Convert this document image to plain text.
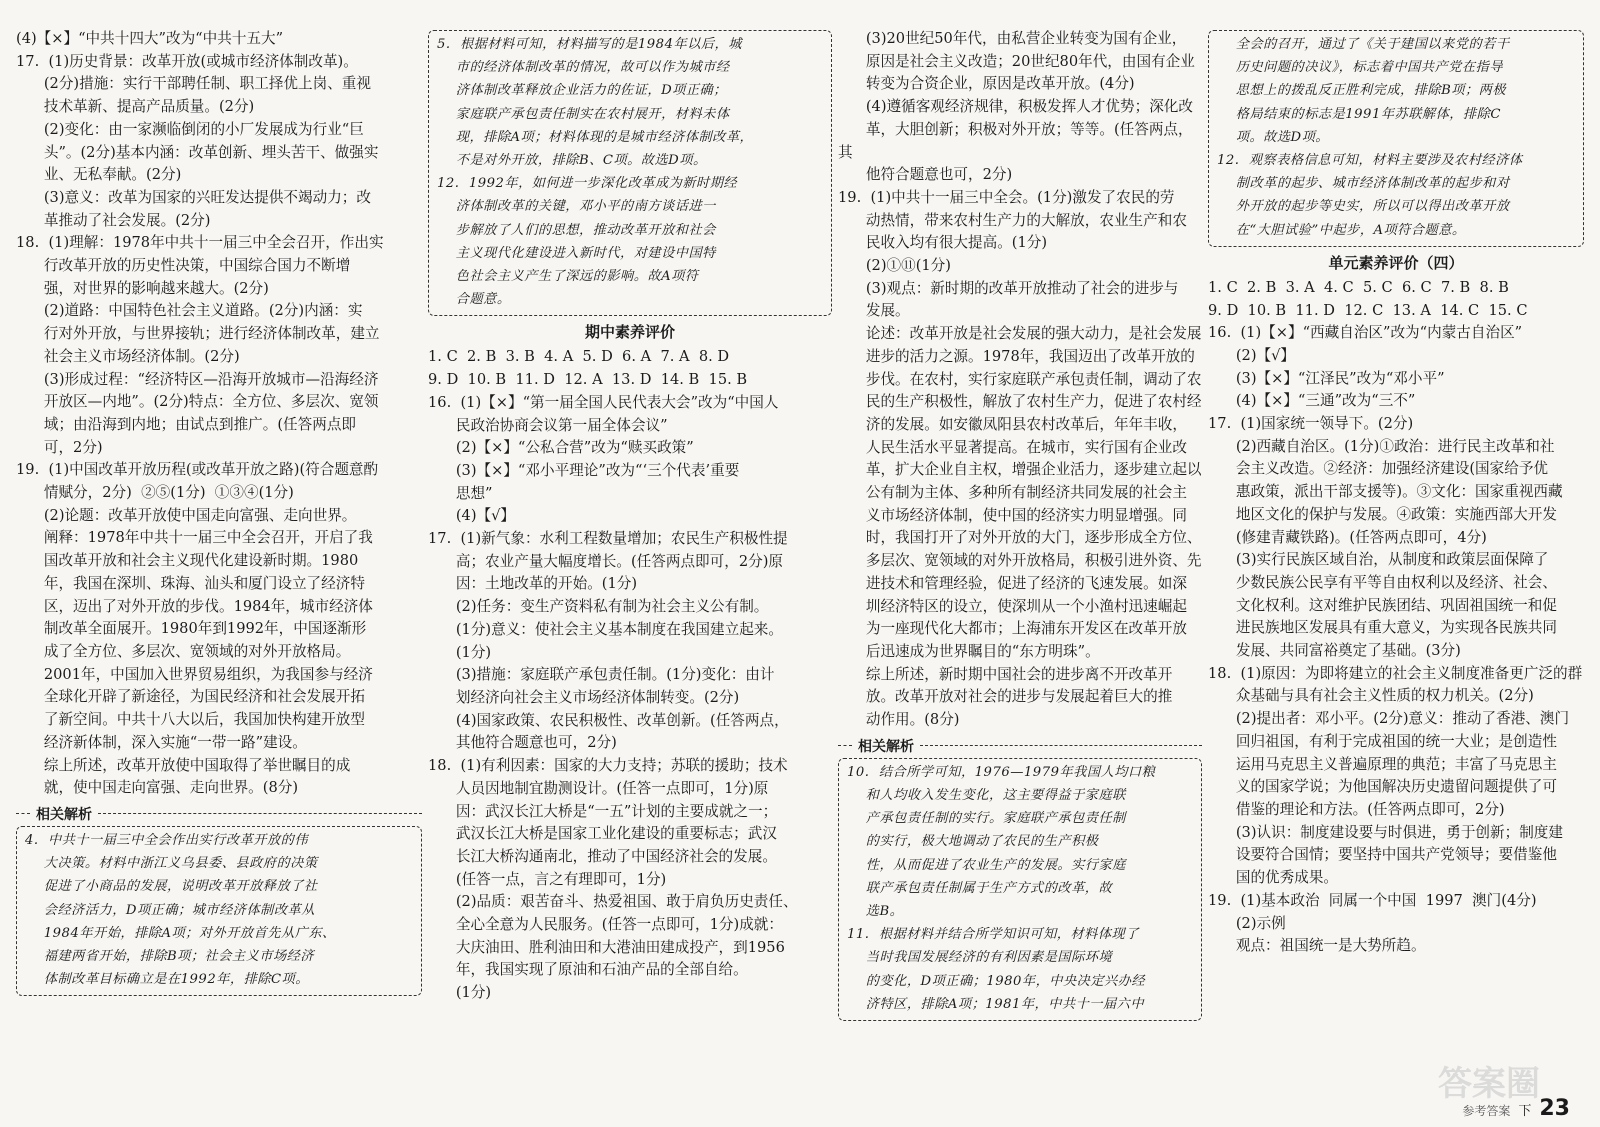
(4)【×】“中共十四大”改为“中共十五大”

17.  (1)历史背景：改革开放(或城市经济体制改革)。

(2分)措施：实行干部聘任制、职工择优上岗、重视

技术革新、提高产品质量。(2分)

(2)变化：由一家濒临倒闭的小厂发展成为行业“巨

头”。(2分)基本内涵：改革创新、埋头苦干、做强实

业、无私奉献。(2分)

(3)意义：改革为国家的兴旺发达提供不竭动力；改

革推动了社会发展。(2分)

18.  (1)理解：1978年中共十一届三中全会召开，作出实

行改革开放的历史性决策，中国综合国力不断增

强，对世界的影响越来越大。(2分)

(2)道路：中国特色社会主义道路。(2分)内涵：实

行对外开放，与世界接轨；进行经济体制改革，建立

社会主义市场经济体制。(2分)

(3)形成过程：“经济特区—沿海开放城市—沿海经济

开放区—内地”。(2分)特点：全方位、多层次、宽领

域；由沿海到内地；由试点到推广。(任答两点即

可，2分)

19.  (1)中国改革开放历程(或改革开放之路)(符合题意酌

情赋分，2分)  ②⑤(1分)  ①③④(1分)

(2)论题：改革开放使中国走向富强、走向世界。

阐释：1978年中共十一届三中全会召开，开启了我

国改革开放和社会主义现代化建设新时期。1980

年，我国在深圳、珠海、汕头和厦门设立了经济特

区，迈出了对外开放的步伐。1984年，城市经济体

制改革全面展开。1980年到1992年，中国逐渐形

成了全方位、多层次、宽领域的对外开放格局。

2001年，中国加入世界贸易组织，为我国参与经济

全球化开辟了新途径，为国民经济和社会发展开拓

了新空间。中共十八大以后，我国加快构建开放型

经济新体制，深入实施“一带一路”建设。

综上所述，改革开放使中国取得了举世瞩目的成

就，使中国走向富强、走向世界。(8分)

相关解析

4.  中共十一届三中全会作出实行改革开放的伟

大决策。材料中浙江义乌县委、县政府的决策

促进了小商品的发展，说明改革开放释放了社

会经济活力，D项正确；城市经济体制改革从

1984年开始，排除A项；对外开放首先从广东、

福建两省开始，排除B项；社会主义市场经济

体制改革目标确立是在1992年，排除C项。

5.  根据材料可知，材料描写的是1984年以后，城

市的经济体制改革的情况，故可以作为城市经

济体制改革释放企业活力的佐证，D项正确；

家庭联产承包责任制实在农村展开，材料未体

现，排除A项；材料体现的是城市经济体制改革，

不是对外开放，排除B、C项。故选D项。

12.  1992年，如何进一步深化改革成为新时期经

济体制改革的关键，邓小平的南方谈话进一

步解放了人们的思想，推动改革开放和社会

主义现代化建设进入新时代，对建设中国特

色社会主义产生了深远的影响。故A项符

合题意。

期中素养评价

1. C  2. B  3. B  4. A  5. D  6. A  7. A  8. D

9. D  10. B  11. D  12. A  13. D  14. B  15. B

16.  (1)【×】“第一届全国人民代表大会”改为“中国人

民政治协商会议第一届全体会议”

(2)【×】“公私合营”改为“赎买政策”

(3)【×】“邓小平理论”改为“‘三个代表’重要

思想”

(4)【√】

17.  (1)新气象：水利工程数量增加；农民生产积极性提

高；农业产量大幅度增长。(任答两点即可，2分)原

因：土地改革的开始。(1分)

(2)任务：变生产资料私有制为社会主义公有制。

(1分)意义：使社会主义基本制度在我国建立起来。

(1分)

(3)措施：家庭联产承包责任制。(1分)变化：由计

划经济向社会主义市场经济体制转变。(2分)

(4)国家政策、农民积极性、改革创新。(任答两点，

其他符合题意也可，2分)

18.  (1)有利因素：国家的大力支持；苏联的援助；技术

人员因地制宜勘测设计。(任答一点即可，1分)原

因：武汉长江大桥是“一五”计划的主要成就之一；

武汉长江大桥是国家工业化建设的重要标志；武汉

长江大桥沟通南北，推动了中国经济社会的发展。

(任答一点，言之有理即可，1分)

(2)品质：艰苦奋斗、热爱祖国、敢于肩负历史责任、

全心全意为人民服务。(任答一点即可，1分)成就：

大庆油田、胜利油田和大港油田建成投产，到1956

年，我国实现了原油和石油产品的全部自给。

(1分)

(3)20世纪50年代，由私营企业转变为国有企业，

原因是社会主义改造；20世纪80年代，由国有企业

转变为合资企业，原因是改革开放。(4分)

(4)遵循客观经济规律，积极发挥人才优势；深化改

革，大胆创新；积极对外开放；等等。(任答两点，其

他符合题意也可，2分)

19.  (1)中共十一届三中全会。(1分)激发了农民的劳

动热情，带来农村生产力的大解放，农业生产和农

民收入均有很大提高。(1分)

(2)①⑪(1分)

(3)观点：新时期的改革开放推动了社会的进步与

发展。

论述：改革开放是社会发展的强大动力，是社会发展

进步的活力之源。1978年，我国迈出了改革开放的

步伐。在农村，实行家庭联产承包责任制，调动了农

民的生产积极性，解放了农村生产力，促进了农村经

济的发展。如安徽凤阳县农村改革后，年年丰收，

人民生活水平显著提高。在城市，实行国有企业改

革，扩大企业自主权，增强企业活力，逐步建立起以

公有制为主体、多种所有制经济共同发展的社会主

义市场经济体制，使中国的经济实力明显增强。同

时，我国打开了对外开放的大门，逐步形成全方位、

多层次、宽领域的对外开放格局，积极引进外资、先

进技术和管理经验，促进了经济的飞速发展。如深

圳经济特区的设立，使深圳从一个小渔村迅速崛起

为一座现代化大都市；上海浦东开发区在改革开放

后迅速成为世界瞩目的“东方明珠”。

综上所述，新时期中国社会的进步离不开改革开

放。改革开放对社会的进步与发展起着巨大的推

动作用。(8分)

相关解析

10.  结合所学可知，1976—1979年我国人均口粮

和人均收入发生变化，这主要得益于家庭联

产承包责任制的实行。家庭联产承包责任制

的实行，极大地调动了农民的生产积极

性，从而促进了农业生产的发展。实行家庭

联产承包责任制属于生产方式的改革，故

选B。

11.  根据材料并结合所学知识可知，材料体现了

当时我国发展经济的有利因素是国际环境

的变化，D项正确；1980年，中央决定兴办经

济特区，排除A项；1981年，中共十一届六中

全会的召开，通过了《关于建国以来党的若干

历史问题的决议》，标志着中国共产党在指导

思想上的拨乱反正胜利完成，排除B项；两极

格局结束的标志是1991年苏联解体，排除C

项。故选D项。

12.  观察表格信息可知，材料主要涉及农村经济体

制改革的起步、城市经济体制改革的起步和对

外开放的起步等史实，所以可以得出改革开放

在“大胆试验”中起步，A项符合题意。

单元素养评价（四）

1. C  2. B  3. A  4. C  5. C  6. C  7. B  8. B

9. D  10. B  11. D  12. C  13. A  14. C  15. C

16.  (1)【×】“西藏自治区”改为“内蒙古自治区”

(2)【√】

(3)【×】“江泽民”改为“邓小平”

(4)【×】“三通”改为“三不”

17.  (1)国家统一领导下。(2分)

(2)西藏自治区。(1分)①政治：进行民主改革和社

会主义改造。②经济：加强经济建设(国家给予优

惠政策，派出干部支援等)。③文化：国家重视西藏

地区文化的保护与发展。④政策：实施西部大开发

(修建青藏铁路)。(任答两点即可，4分)

(3)实行民族区域自治，从制度和政策层面保障了

少数民族公民享有平等自由权利以及经济、社会、

文化权利。这对维护民族团结、巩固祖国统一和促

进民族地区发展具有重大意义，为实现各民族共同

发展、共同富裕奠定了基础。(3分)

18.  (1)原因：为即将建立的社会主义制度准备更广泛的群

众基础与具有社会主义性质的权力机关。(2分)

(2)提出者：邓小平。(2分)意义：推动了香港、澳门

回归祖国，有利于完成祖国的统一大业；是创造性

运用马克思主义普遍原理的典范；丰富了马克思主

义的国家学说；为他国解决历史遗留问题提供了可

借鉴的理论和方法。(任答两点即可，2分)

(3)认识：制度建设要与时俱进，勇于创新；制度建

设要符合国情；要坚持中国共产党领导；要借鉴他

国的优秀成果。

19.  (1)基本政治  同属一个中国  1997  澳门(4分)

(2)示例

观点：祖国统一是大势所趋。

答案圈
参考答案 下 23
